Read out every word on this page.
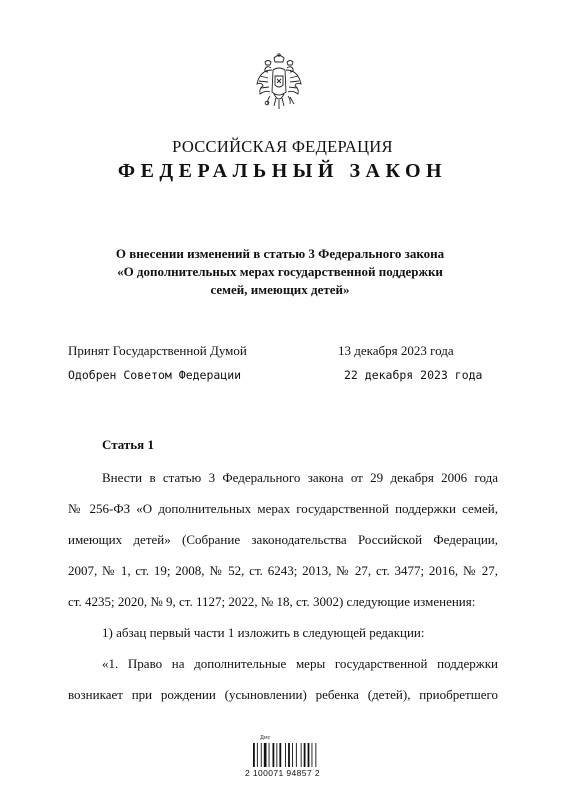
РОССИЙСКАЯ ФЕДЕРАЦИЯ
ФЕДЕРАЛЬНЫЙ ЗАКОН
О внесении изменений в статью 3 Федерального закона
«О дополнительных мерах государственной поддержки
семей, имеющих детей»
Принят Государственной Думой	13 декабря 2023 года
Одобрен Советом Федерации	22 декабря 2023 года
Статья 1
Внести в статью 3 Федерального закона от 29 декабря 2006 года
№ 256-ФЗ «О дополнительных мерах государственной поддержки семей,
имеющих детей» (Собрание законодательства Российской Федерации,
2007, № 1, ст. 19; 2008, № 52, ст. 6243; 2013, № 27, ст. 3477; 2016, № 27,
ст. 4235; 2020, № 9, ст. 1127; 2022, № 18, ст. 3002) следующие изменения:
1) абзац первый части 1 изложить в следующей редакции:
«1. Право на дополнительные меры государственной поддержки
возникает при рождении (усыновлении) ребенка (детей), приобретшего
Дмс
2 100071 94857 2
